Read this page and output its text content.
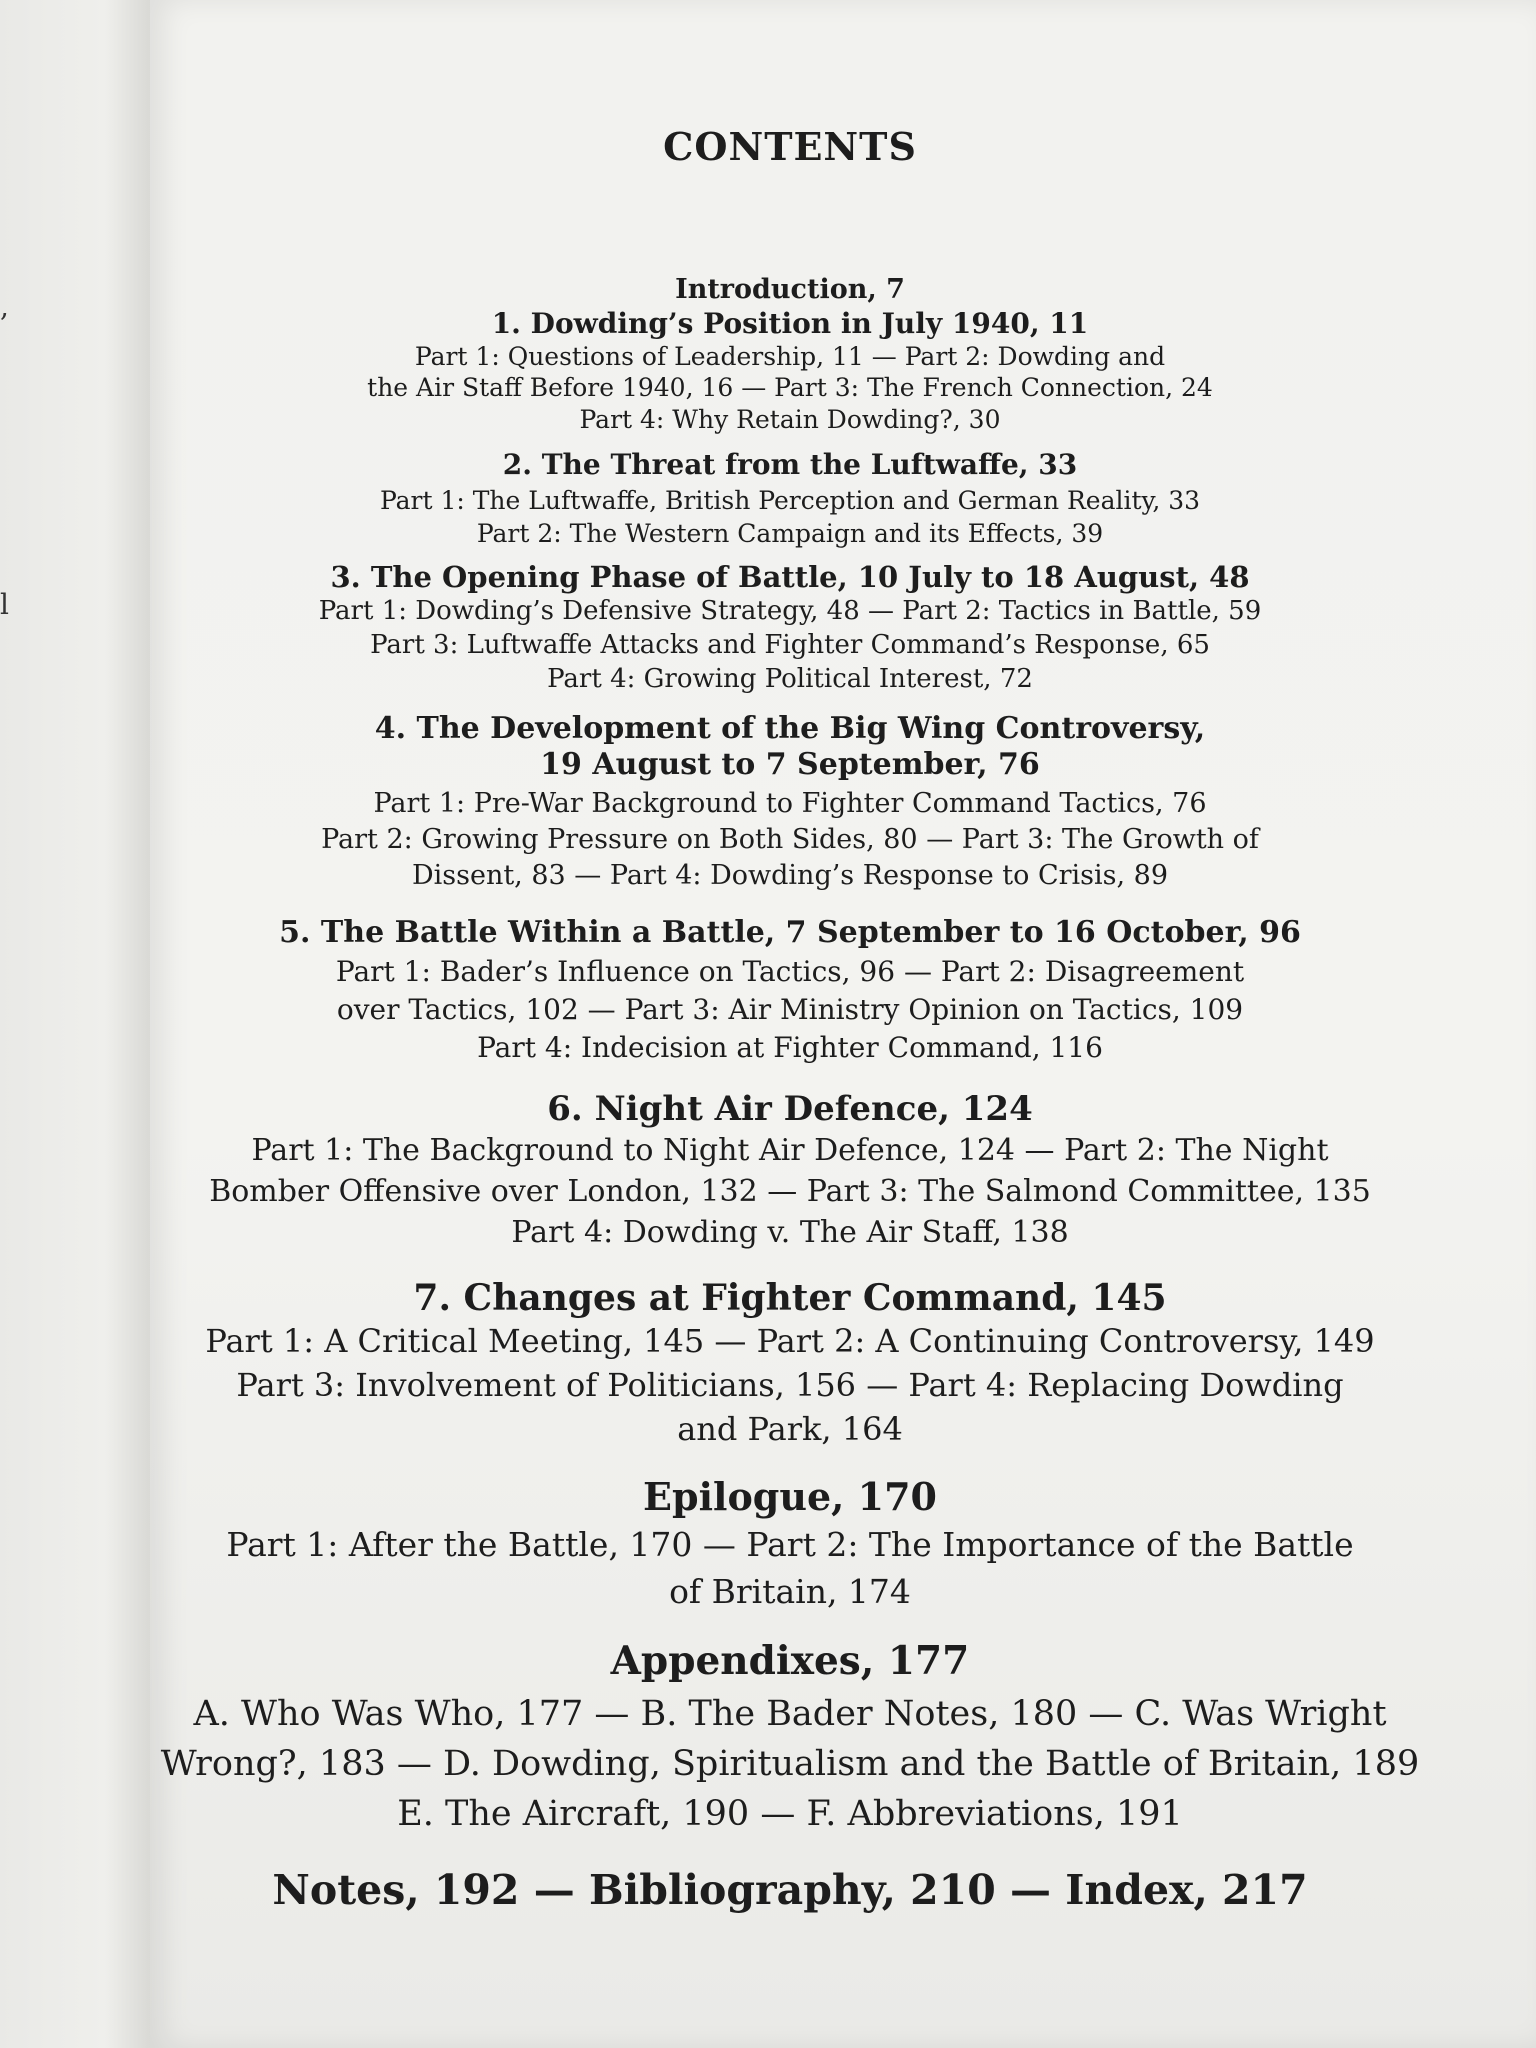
,
l
CONTENTS
Introduction, 7
1. Dowding’s Position in July 1940, 11
Part 1: Questions of Leadership, 11 — Part 2: Dowding and
the Air Staff Before 1940, 16 — Part 3: The French Connection, 24
Part 4: Why Retain Dowding?, 30
2. The Threat from the Luftwaffe, 33
Part 1: The Luftwaffe, British Perception and German Reality, 33
Part 2: The Western Campaign and its Effects, 39
3. The Opening Phase of Battle, 10 July to 18 August, 48
Part 1: Dowding’s Defensive Strategy, 48 — Part 2: Tactics in Battle, 59
Part 3: Luftwaffe Attacks and Fighter Command’s Response, 65
Part 4: Growing Political Interest, 72
4. The Development of the Big Wing Controversy,
19 August to 7 September, 76
Part 1: Pre-War Background to Fighter Command Tactics, 76
Part 2: Growing Pressure on Both Sides, 80 — Part 3: The Growth of
Dissent, 83 — Part 4: Dowding’s Response to Crisis, 89
5. The Battle Within a Battle, 7 September to 16 October, 96
Part 1: Bader’s Influence on Tactics, 96 — Part 2: Disagreement
over Tactics, 102 — Part 3: Air Ministry Opinion on Tactics, 109
Part 4: Indecision at Fighter Command, 116
6. Night Air Defence, 124
Part 1: The Background to Night Air Defence, 124 — Part 2: The Night
Bomber Offensive over London, 132 — Part 3: The Salmond Committee, 135
Part 4: Dowding v. The Air Staff, 138
7. Changes at Fighter Command, 145
Part 1: A Critical Meeting, 145 — Part 2: A Continuing Controversy, 149
Part 3: Involvement of Politicians, 156 — Part 4: Replacing Dowding
and Park, 164
Epilogue, 170
Part 1: After the Battle, 170 — Part 2: The Importance of the Battle
of Britain, 174
Appendixes, 177
A. Who Was Who, 177 — B. The Bader Notes, 180 — C. Was Wright
Wrong?, 183 — D. Dowding, Spiritualism and the Battle of Britain, 189
E. The Aircraft, 190 — F. Abbreviations, 191
Notes, 192 — Bibliography, 210 — Index, 217
